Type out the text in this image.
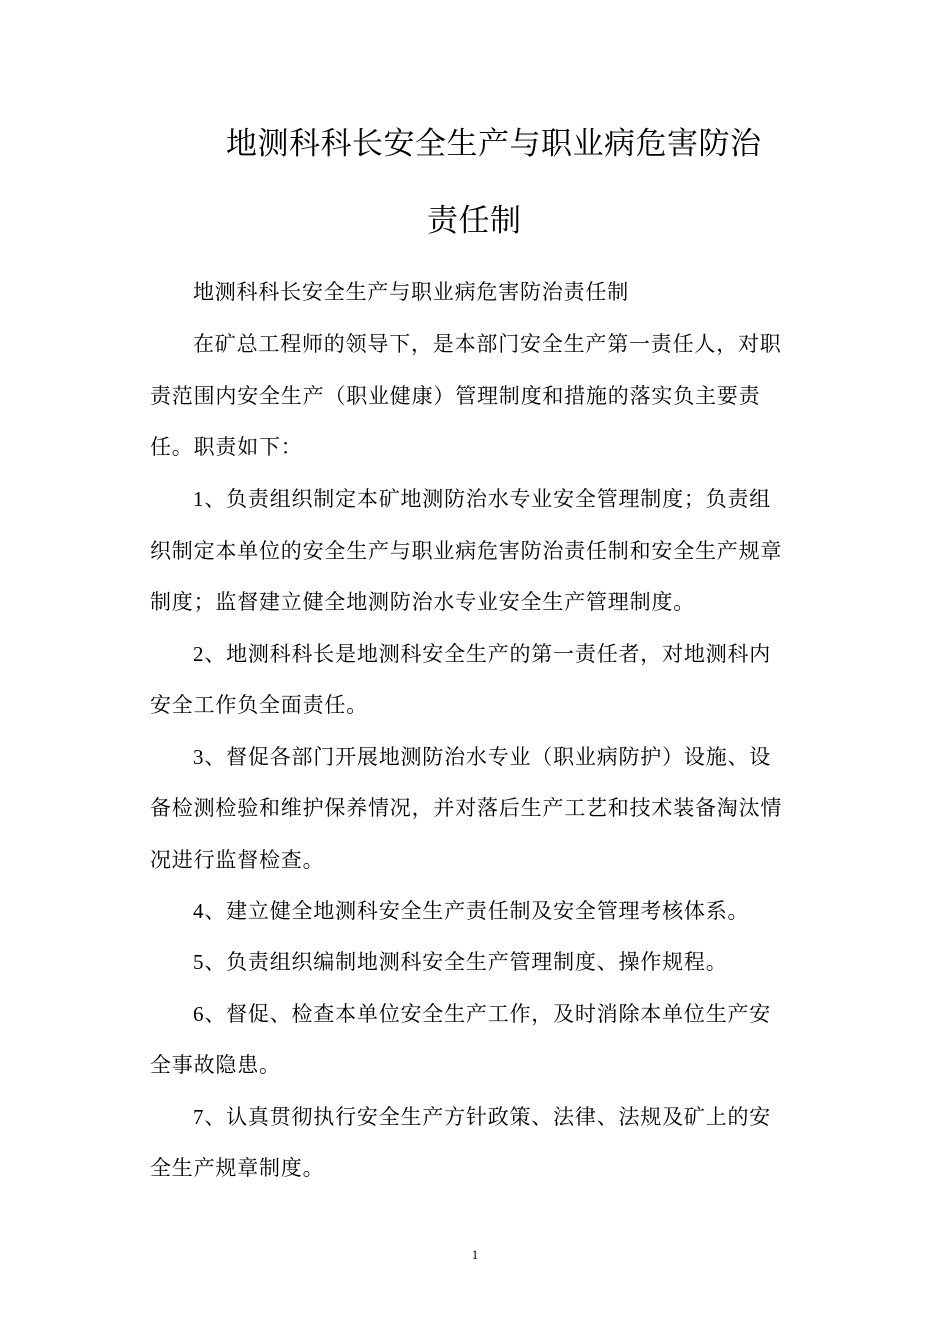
地测科科长安全生产与职业病危害防治
责任制
地测科科长安全生产与职业病危害防治责任制
在矿总工程师的领导下，是本部门安全生产第一责任人，对职
责范围内安全生产（职业健康）管理制度和措施的落实负主要责
任。职责如下：
1、负责组织制定本矿地测防治水专业安全管理制度；负责组
织制定本单位的安全生产与职业病危害防治责任制和安全生产规章
制度；监督建立健全地测防治水专业安全生产管理制度。
2、地测科科长是地测科安全生产的第一责任者，对地测科内
安全工作负全面责任。
3、督促各部门开展地测防治水专业（职业病防护）设施、设
备检测检验和维护保养情况，并对落后生产工艺和技术装备淘汰情
况进行监督检查。
4、建立健全地测科安全生产责任制及安全管理考核体系。
5、负责组织编制地测科安全生产管理制度、操作规程。
6、督促、检查本单位安全生产工作，及时消除本单位生产安
全事故隐患。
7、认真贯彻执行安全生产方针政策、法律、法规及矿上的安
全生产规章制度。
1
